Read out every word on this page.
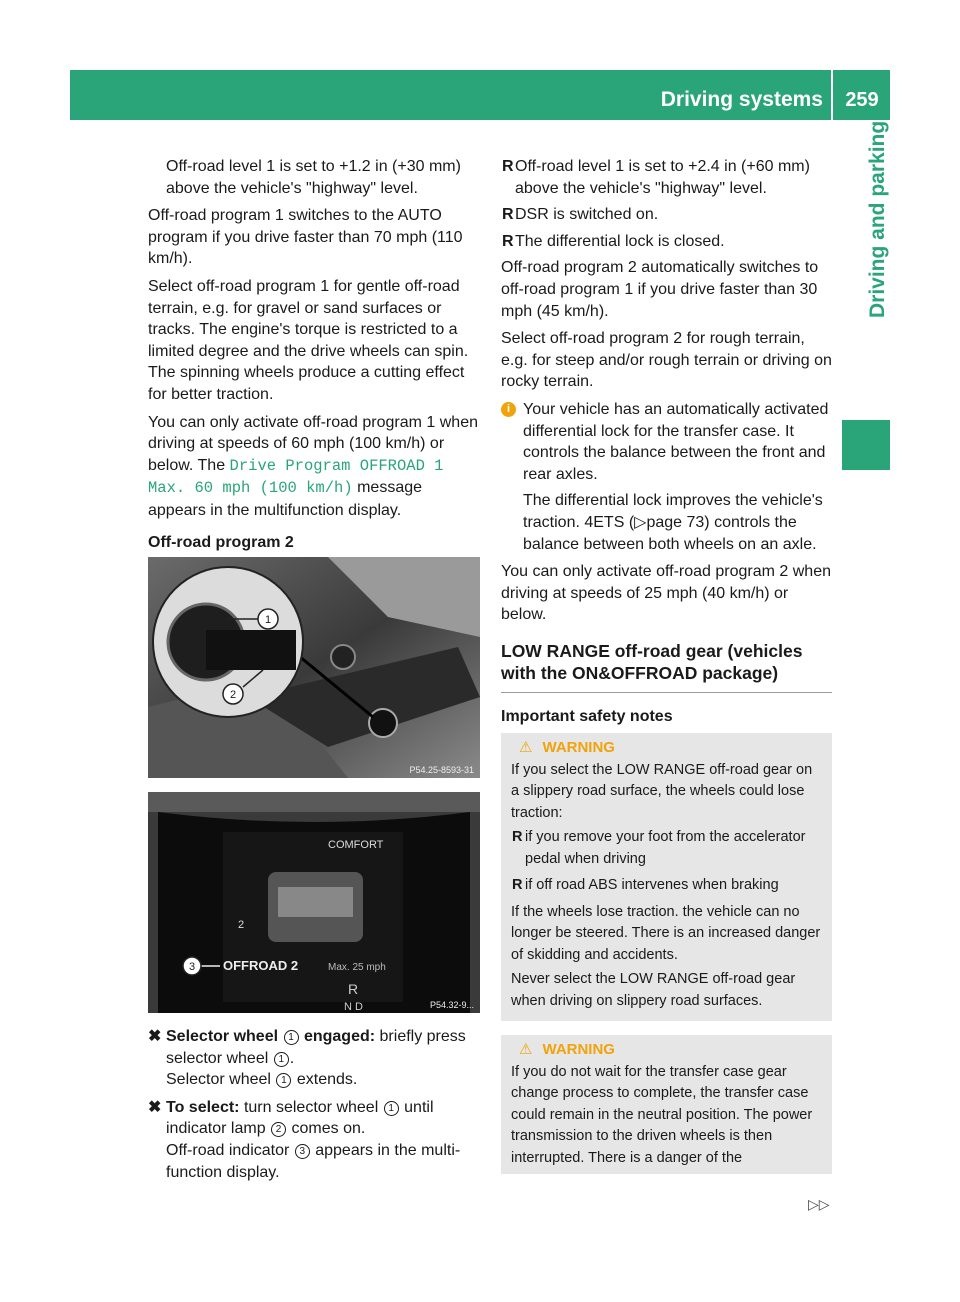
Driving systems	259
Driving and parking

Off-road level 1 is set to +1.2 in (+30 mm) above the vehicle's "highway" level.

Off-road program 1 switches to the AUTO program if you drive faster than 70 mph (110 km/h).

Select off-road program 1 for gentle off-road terrain, e.g. for gravel or sand surfaces or tracks. The engine's torque is restricted to a limited degree and the drive wheels can spin. The spinning wheels produce a cutting effect for better traction.

You can only activate off-road program 1 when driving at speeds of 60 mph (100 km/h) or below. The Drive Program OFFROAD 1 Max. 60 mph (100 km/h) message appears in the multifunction display.

Off-road program 2
1
2
P54.25-8593-31
COMFORT
2
3 OFFROAD 2	Max. 25 mph
R
N D	P54.32-9...
✖ Selector wheel 1 engaged: briefly press selector wheel 1 .
Selector wheel 1 extends.
✖ To select: turn selector wheel 1 until indicator lamp 2 comes on.
Off-road indicator 3 appears in the multi-function display.
R Off-road level 1 is set to +2.4 in (+60 mm) above the vehicle's "highway" level.
R DSR is switched on.
R The differential lock is closed.

Off-road program 2 automatically switches to off-road program 1 if you drive faster than 30 mph (45 km/h).

Select off-road program 2 for rough terrain, e.g. for steep and/or rough terrain or driving on rocky terrain.

i Your vehicle has an automatically activated differential lock for the transfer case. It controls the balance between the front and rear axles.

The differential lock improves the vehicle's traction. 4ETS (▷page 73) controls the balance between both wheels on an axle.

You can only activate off-road program 2 when driving at speeds of 25 mph (40 km/h) or below.

LOW RANGE off-road gear (vehicles with the ON&OFFROAD package)
Important safety notes
⚠ WARNING

If you select the LOW RANGE off-road gear on a slippery road surface, the wheels could lose traction:

R if you remove your foot from the accelerator pedal when driving
R if off road ABS intervenes when braking

If the wheels lose traction. the vehicle can no longer be steered. There is an increased danger of skidding and accidents.

Never select the LOW RANGE off-road gear when driving on slippery road surfaces.

⚠ WARNING

If you do not wait for the transfer case gear change process to complete, the transfer case could remain in the neutral position. The power transmission to the driven wheels is then interrupted. There is a danger of the

▷▷
